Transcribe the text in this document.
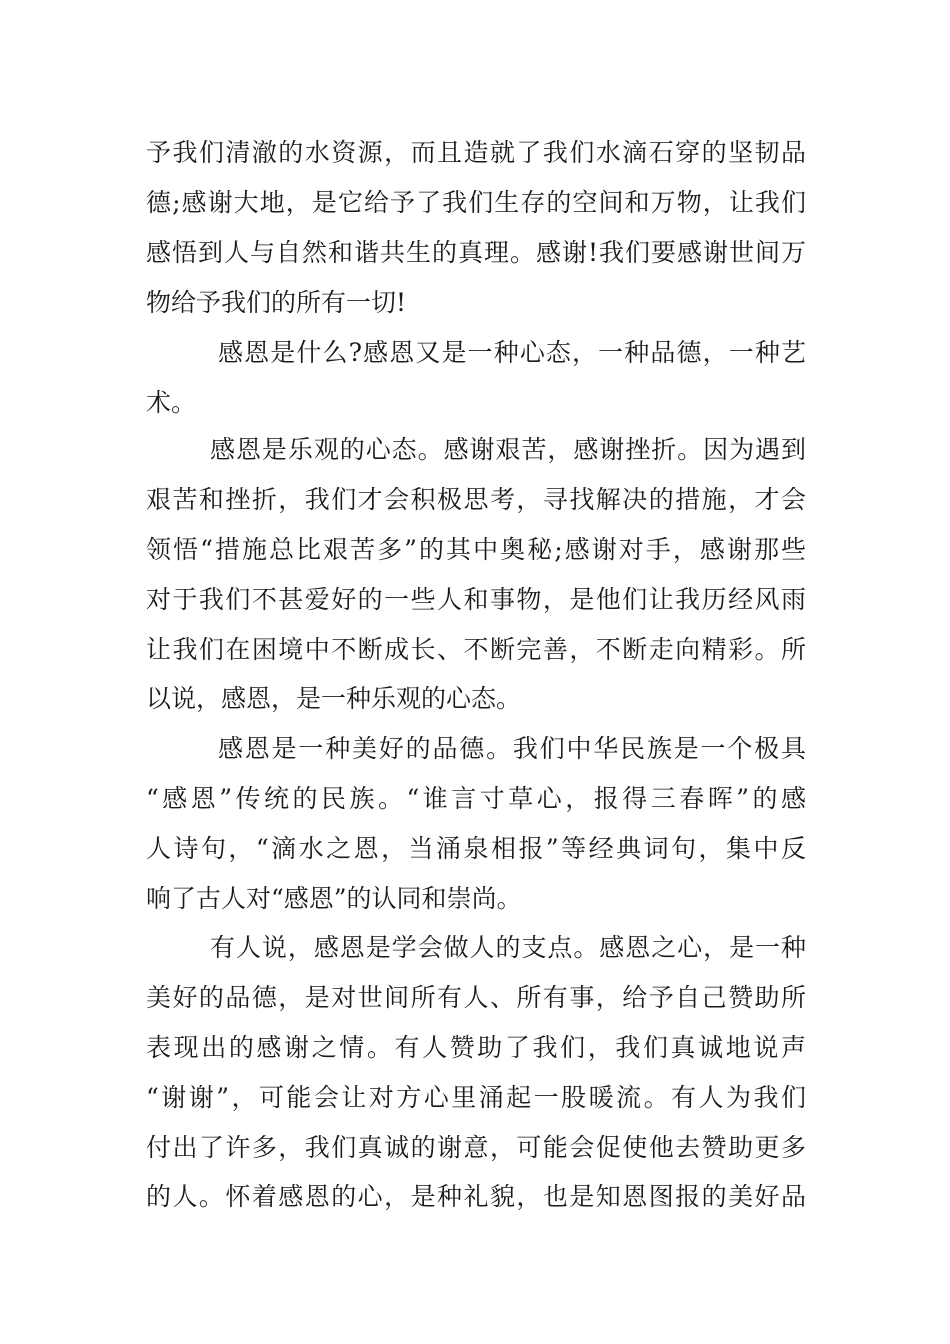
予我们清澈的水资源，而且造就了我们水滴石穿的坚韧品
德;感谢大地，是它给予了我们生存的空间和万物，让我们
感悟到人与自然和谐共生的真理。感谢!我们要感谢世间万
物给予我们的所有一切!
感恩是什么?感恩又是一种心态，一种品德，一种艺
术。
感恩是乐观的心态。感谢艰苦，感谢挫折。因为遇到
艰苦和挫折，我们才会积极思考，寻找解决的措施，才会
领悟“措施总比艰苦多”的其中奥秘;感谢对手，感谢那些
对于我们不甚爱好的一些人和事物，是他们让我历经风雨
让我们在困境中不断成长、不断完善，不断走向精彩。所
以说，感恩，是一种乐观的心态。
感恩是一种美好的品德。我们中华民族是一个极具
“感恩”传统的民族。“谁言寸草心，报得三春晖”的感
人诗句，“滴水之恩，当涌泉相报”等经典词句，集中反
响了古人对“感恩”的认同和崇尚。
有人说，感恩是学会做人的支点。感恩之心，是一种
美好的品德，是对世间所有人、所有事，给予自己赞助所
表现出的感谢之情。有人赞助了我们，我们真诚地说声
“谢谢”，可能会让对方心里涌起一股暖流。有人为我们
付出了许多，我们真诚的谢意，可能会促使他去赞助更多
的人。怀着感恩的心，是种礼貌，也是知恩图报的美好品
